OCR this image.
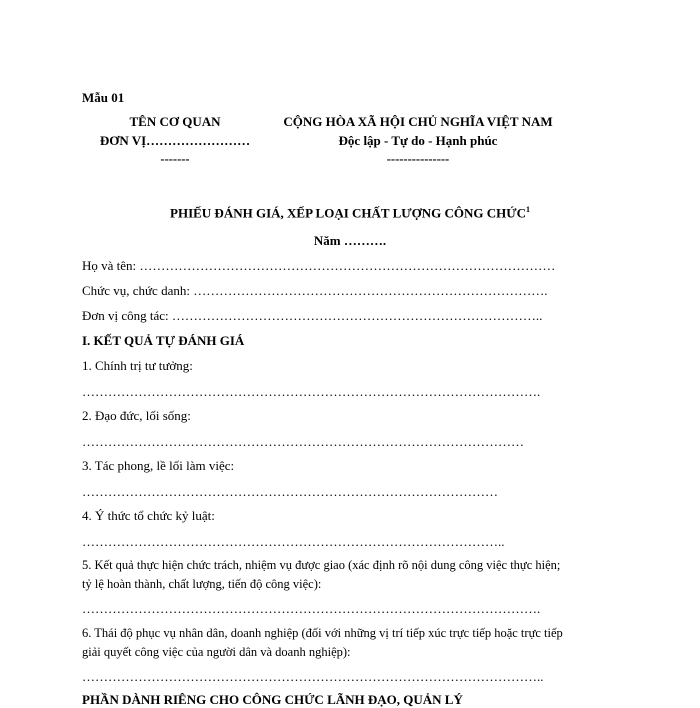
Mẫu 01
TÊN CƠ QUAN
ĐƠN VỊ……………………
-------
CỘNG HÒA XÃ HỘI CHỦ NGHĨA VIỆT NAM
Độc lập - Tự do - Hạnh phúc
---------------
PHIẾU ĐÁNH GIÁ, XẾP LOẠI CHẤT LƯỢNG CÔNG CHỨC$^1$
Năm ……….
Họ và tên: ……………………………………………………………………………………
Chức vụ, chức danh: ……………………………………………………………………….
Đơn vị công tác: …………………………………………………………………………..
I. KẾT QUẢ TỰ ĐÁNH GIÁ
1. Chính trị tư tưởng:
…………………………………………………………………………………………….
2. Đạo đức, lối sống:
…………………………………………………………………………………………
3. Tác phong, lề lối làm việc:
……………………………………………………………………………………
4. Ý thức tổ chức kỷ luật:
……………………………………………………………………………………..
5. Kết quả thực hiện chức trách, nhiệm vụ được giao (xác định rõ nội dung công việc thực hiện;
tỷ lệ hoàn thành, chất lượng, tiến độ công việc):
…………………………………………………………………………………………….
6. Thái độ phục vụ nhân dân, doanh nghiệp (đối với những vị trí tiếp xúc trực tiếp hoặc trực tiếp
giải quyết công việc của người dân và doanh nghiệp):
……………………………………………………………………………………………..
PHẦN DÀNH RIÊNG CHO CÔNG CHỨC LÃNH ĐẠO, QUẢN LÝ
